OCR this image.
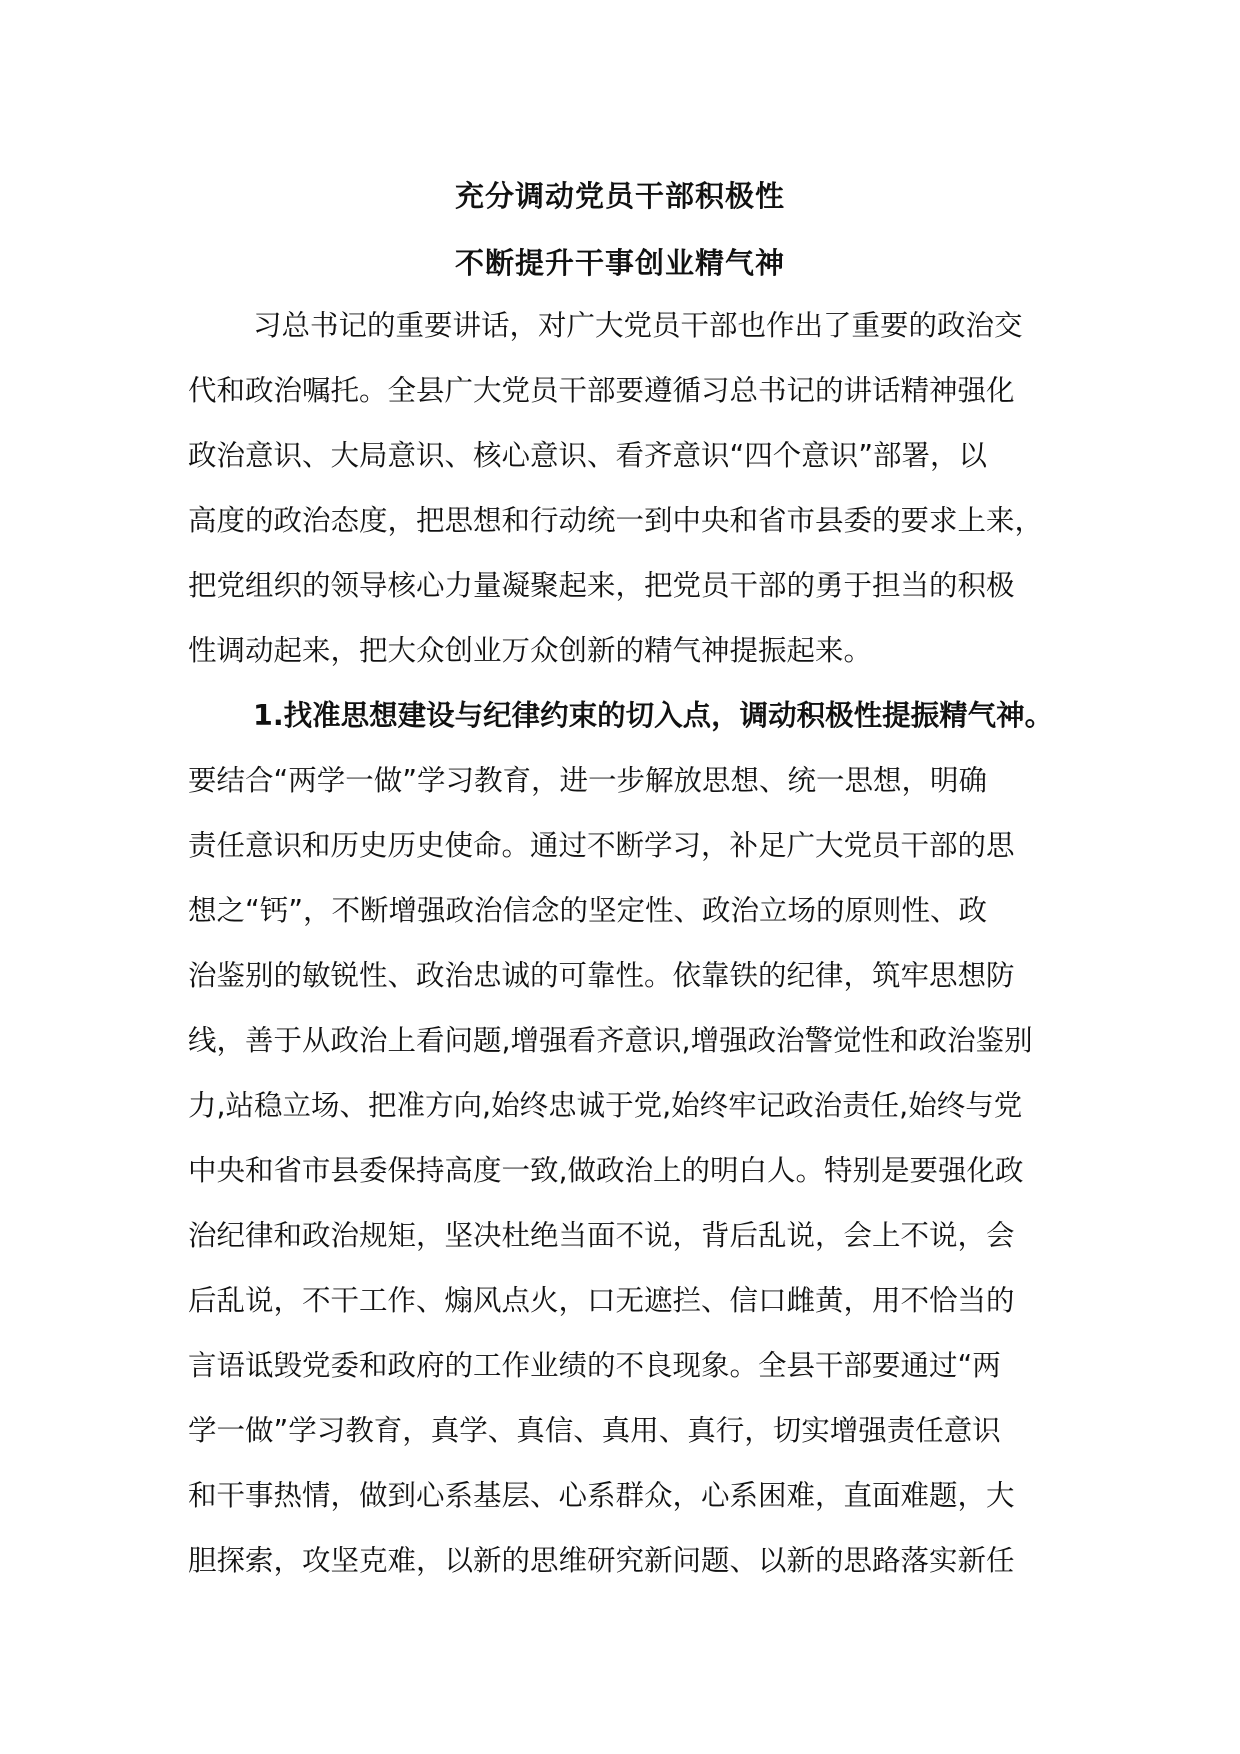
充分调动党员干部积极性
不断提升干事创业精气神
习总书记的重要讲话，对广大党员干部也作出了重要的政治交
代和政治嘱托。全县广大党员干部要遵循习总书记的讲话精神强化
政治意识、大局意识、核心意识、看齐意识“四个意识”部署，以
高度的政治态度，把思想和行动统一到中央和省市县委的要求上来，
把党组织的领导核心力量凝聚起来，把党员干部的勇于担当的积极
性调动起来，把大众创业万众创新的精气神提振起来。
1.找准思想建设与纪律约束的切入点，调动积极性提振精气神。
要结合“两学一做”学习教育，进一步解放思想、统一思想，明确
责任意识和历史历史使命。通过不断学习，补足广大党员干部的思
想之“钙”，不断增强政治信念的坚定性、政治立场的原则性、政
治鉴别的敏锐性、政治忠诚的可靠性。依靠铁的纪律，筑牢思想防
线，善于从政治上看问题,增强看齐意识,增强政治警觉性和政治鉴别
力,站稳立场、把准方向,始终忠诚于党,始终牢记政治责任,始终与党
中央和省市县委保持高度一致,做政治上的明白人。特别是要强化政
治纪律和政治规矩，坚决杜绝当面不说，背后乱说，会上不说，会
后乱说，不干工作、煽风点火，口无遮拦、信口雌黄，用不恰当的
言语诋毁党委和政府的工作业绩的不良现象。全县干部要通过“两
学一做”学习教育，真学、真信、真用、真行，切实增强责任意识
和干事热情，做到心系基层、心系群众，心系困难，直面难题，大
胆探索，攻坚克难，以新的思维研究新问题、以新的思路落实新任
